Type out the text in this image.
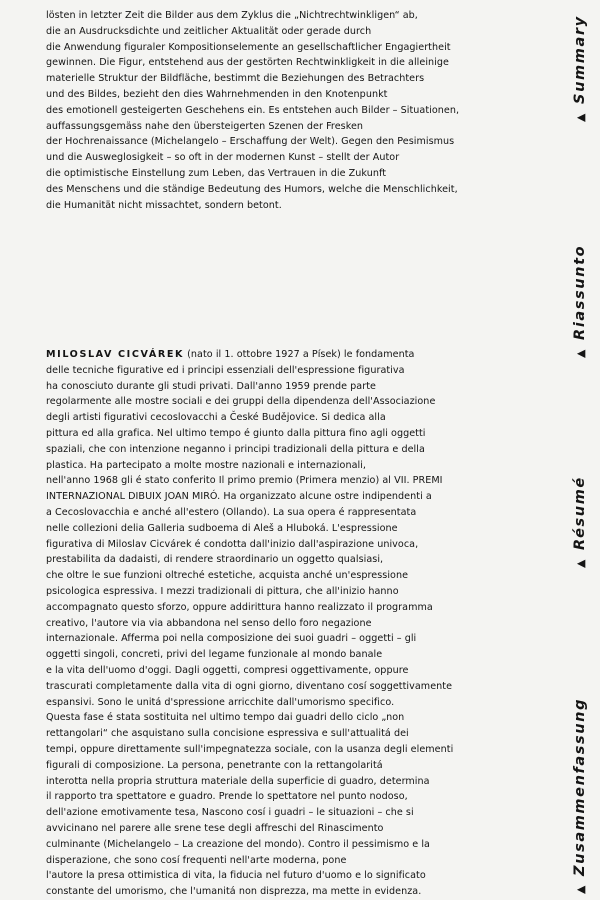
lösten in letzter Zeit die Bilder aus dem Zyklus die „Nichtrechtwinkligen“ ab,
die an Ausdrucksdichte und zeitlicher Aktualität oder gerade durch
die Anwendung figuraler Kompositionselemente an gesellschaftlicher Engagiertheit
gewinnen. Die Figur, entstehend aus der gestörten Rechtwinkligkeit in die alleinige
materielle Struktur der Bildfläche, bestimmt die Beziehungen des Betrachters
und des Bildes, bezieht den dies Wahrnehmenden in den Knotenpunkt
des emotionell gesteigerten Geschehens ein. Es entstehen auch Bilder – Situationen,
auffassungsgemäss nahe den übersteigerten Szenen der Fresken
der Hochrenaissance (Michelangelo – Erschaffung der Welt). Gegen den Pesimismus
und die Ausweglosigkeit – so oft in der modernen Kunst – stellt der Autor
die optimistische Einstellung zum Leben, das Vertrauen in die Zukunft
des Menschens und die ständige Bedeutung des Humors, welche die Menschlichkeit,
die Humanität nicht missachtet, sondern betont.
MILOSLAV CICVÁREK (nato il 1. ottobre 1927 a Písek) le fondamenta
delle tecniche figurative ed i principi essenziali dell'espressione figurativa
ha conosciuto durante gli studi privati. Dall'anno 1959 prende parte
regolarmente alle mostre sociali e dei gruppi della dipendenza dell'Associazione
degli artisti figurativi cecoslovacchi a České Budějovice. Si dedica alla
pittura ed alla grafica. Nel ultimo tempo é giunto dalla pittura fino agli oggetti
spaziali, che con intenzione neganno i principi tradizionali della pittura e della
plastica. Ha partecipato a molte mostre nazionali e internazionali,
nell'anno 1968 gli é stato conferito Il primo premio (Primera menzio) al VII. PREMI
INTERNAZIONAL DIBUIX JOAN MIRÓ. Ha organizzato alcune ostre indipendenti a
a Cecoslovacchia e anché all'estero (Ollando). La sua opera é rappresentata
nelle collezioni delia Galleria sudboema di Aleš a Hluboká. L'espressione
figurativa di Miloslav Cicvárek é condotta dall'inizio dall'aspirazione univoca,
prestabilita da dadaisti, di rendere straordinario un oggetto qualsiasi,
che oltre le sue funzioni oltreché estetiche, acquista anché un'espressione
psicologica espressiva. I mezzi tradizionali di pittura, che all'inizio hanno
accompagnato questo sforzo, oppure addirittura hanno realizzato il programma
creativo, l'autore via via abbandona nel senso dello foro negazione
internazionale. Afferma poi nella composizione dei suoi guadri – oggetti – gli
oggetti singoli, concreti, privi del legame funzionale al mondo banale
e la vita dell'uomo d'oggi. Dagli oggetti, compresi oggettivamente, oppure
trascurati completamente dalla vita di ogni giorno, diventano cosí soggettivamente
espansivi. Sono le unitá d'spressione arricchite dall'umorismo specifico.
Questa fase é stata sostituita nel ultimo tempo dai guadri dello ciclo „non
rettangolari“ che asquistano sulla concisione espressiva e sull'attualitá dei
tempi, oppure direttamente sull'impegnatezza sociale, con la usanza degli elementi
figurali di composizione. La persona, penetrante con la rettangolaritá
interotta nella propria struttura materiale della superficie di guadro, determina
il rapporto tra spettatore e guadro. Prende lo spettatore nel punto nodoso,
dell'azione emotivamente tesa, Nascono cosí i guadri – le situazioni – che si
avvicinano nel parere alle srene tese degli affreschi del Rinascimento
culminante (Michelangelo – La creazione del mondo). Contro il pessimismo e la
disperazione, che sono cosí frequenti nell'arte moderna, pone
l'autore la presa ottimistica di vita, la fiducia nel futuro d'uomo e lo significato
constante del umorismo, che l'umanitá non disprezza, ma mette in evidenza.
▲Summary
▲Riassunto
▲Résumé
▲Zusammenfassung
